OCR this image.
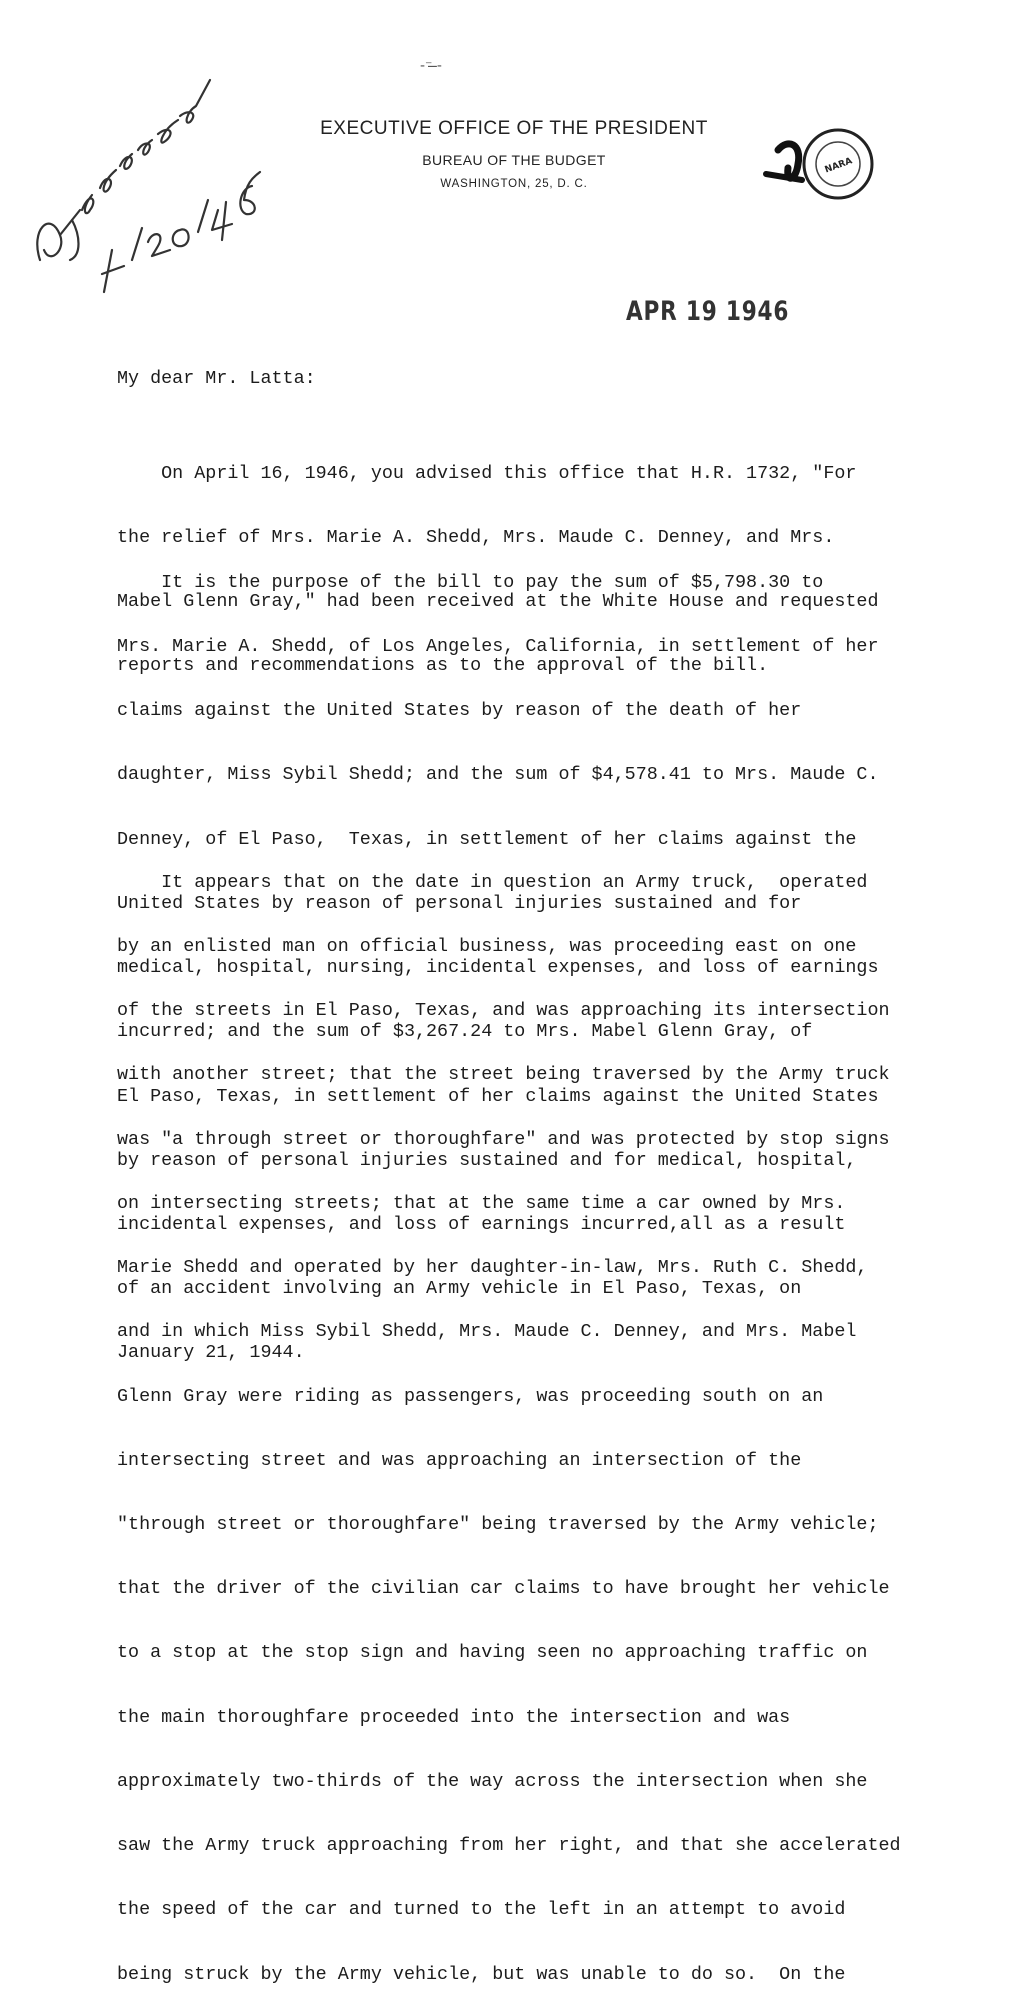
-⁻ ̶-
EXECUTIVE OFFICE OF THE PRESIDENT
BUREAU OF THE BUDGET
WASHINGTON, 25, D. C.
NARA
APR 19 1946
My dear Mr. Latta:

On April 16, 1946, you advised this office that H.R. 1732, "For

the relief of Mrs. Marie A. Shedd, Mrs. Maude C. Denney, and Mrs.

Mabel Glenn Gray," had been received at the White House and requested

reports and recommendations as to the approval of the bill.

It is the purpose of the bill to pay the sum of $5,798.30 to

Mrs. Marie A. Shedd, of Los Angeles, California, in settlement of her

claims against the United States by reason of the death of her

daughter, Miss Sybil Shedd; and the sum of $4,578.41 to Mrs. Maude C.

Denney, of El Paso,  Texas, in settlement of her claims against the

United States by reason of personal injuries sustained and for

medical, hospital, nursing, incidental expenses, and loss of earnings

incurred; and the sum of $3,267.24 to Mrs. Mabel Glenn Gray, of

El Paso, Texas, in settlement of her claims against the United States

by reason of personal injuries sustained and for medical, hospital,

incidental expenses, and loss of earnings incurred,all as a result

of an accident involving an Army vehicle in El Paso, Texas, on

January 21, 1944.

It appears that on the date in question an Army truck,  operated

by an enlisted man on official business, was proceeding east on one

of the streets in El Paso, Texas, and was approaching its intersection

with another street; that the street being traversed by the Army truck

was "a through street or thoroughfare" and was protected by stop signs

on intersecting streets; that at the same time a car owned by Mrs.

Marie Shedd and operated by her daughter-in-law, Mrs. Ruth C. Shedd,

and in which Miss Sybil Shedd, Mrs. Maude C. Denney, and Mrs. Mabel

Glenn Gray were riding as passengers, was proceeding south on an

intersecting street and was approaching an intersection of the

"through street or thoroughfare" being traversed by the Army vehicle;

that the driver of the civilian car claims to have brought her vehicle

to a stop at the stop sign and having seen no approaching traffic on

the main thoroughfare proceeded into the intersection and was

approximately two-thirds of the way across the intersection when she

saw the Army truck approaching from her right, and that she accelerated

the speed of the car and turned to the left in an attempt to avoid

being struck by the Army vehicle, but was unable to do so.  On the
